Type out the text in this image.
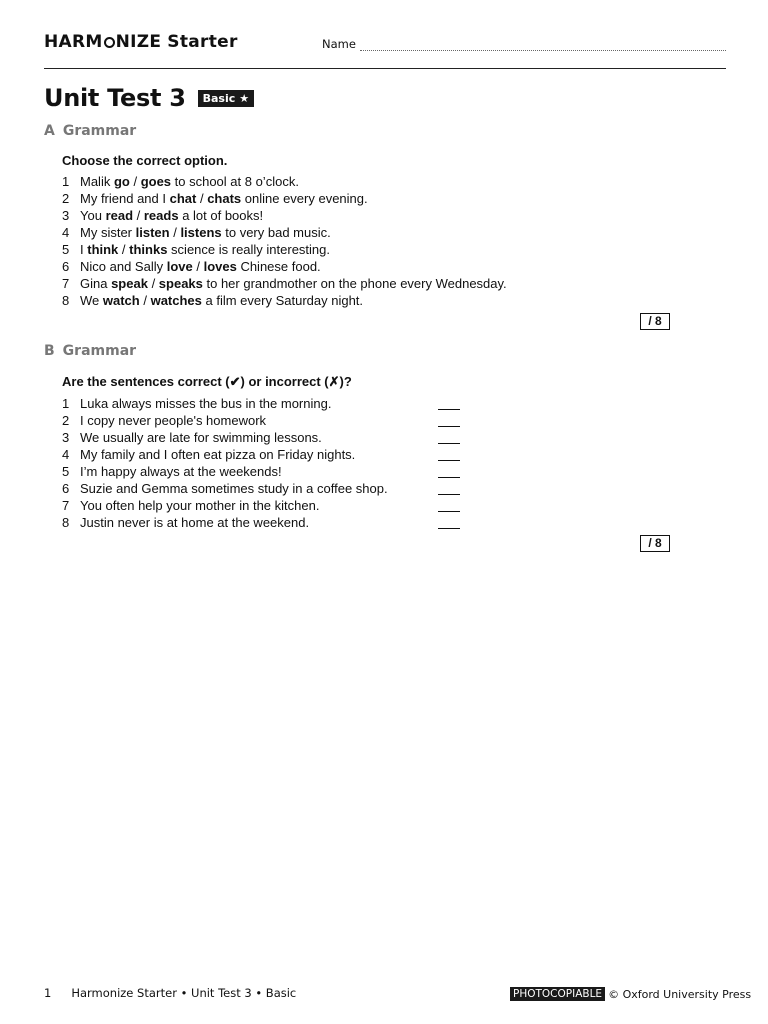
HARM NIZE Starter	Name
Unit Test 3 Basic ★
A Grammar
Choose the correct option.
1 Malik go / goes to school at 8 o’clock.
2 My friend and I chat / chats online every evening.
3 You read / reads a lot of books!
4 My sister listen / listens to very bad music.
5 I think / thinks science is really interesting.
6 Nico and Sally love / loves Chinese food.
7 Gina speak / speaks to her grandmother on the phone every Wednesday.
8 We watch / watches a film every Saturday night.
/ 8
B Grammar
Are the sentences correct (✔) or incorrect (✗)?
1 Luka always misses the bus in the morning.
2 I copy never people's homework
3 We usually are late for swimming lessons.
4 My family and I often eat pizza on Friday nights.
5 I’m happy always at the weekends!
6 Suzie and Gemma sometimes study in a coffee shop.
7 You often help your mother in the kitchen.
8 Justin never is at home at the weekend.
/ 8
1 Harmonize Starter • Unit Test 3 • Basic	PHOTOCOPIABLE © Oxford University Press
